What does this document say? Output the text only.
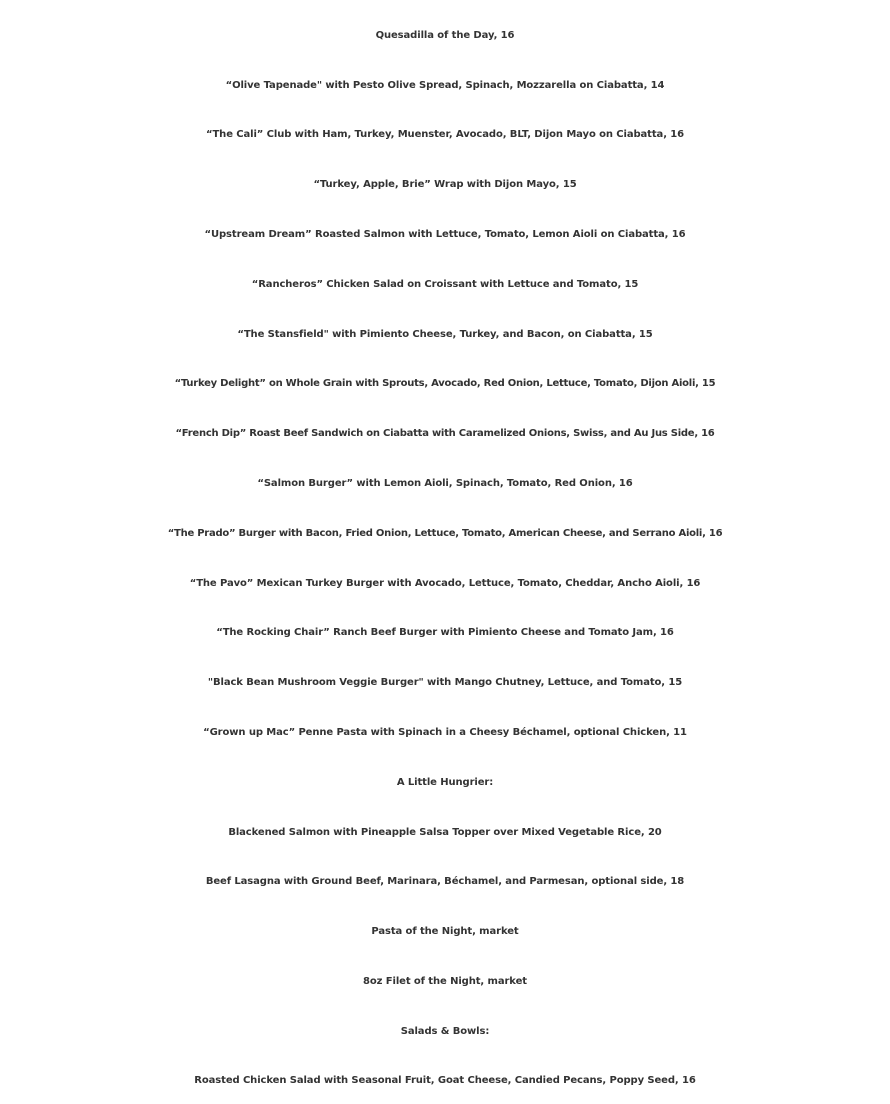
Quesadilla of the Day, 16
“Olive Tapenade" with Pesto Olive Spread, Spinach, Mozzarella on Ciabatta, 14
“The Cali” Club with Ham, Turkey, Muenster, Avocado, BLT, Dijon Mayo on Ciabatta, 16
“Turkey, Apple, Brie” Wrap with Dijon Mayo, 15
“Upstream Dream” Roasted Salmon with Lettuce, Tomato, Lemon Aioli on Ciabatta, 16
“Rancheros” Chicken Salad on Croissant with Lettuce and Tomato, 15
“The Stansfield" with Pimiento Cheese, Turkey, and Bacon, on Ciabatta, 15
“Turkey Delight” on Whole Grain with Sprouts, Avocado, Red Onion, Lettuce, Tomato, Dijon Aioli, 15
“French Dip” Roast Beef Sandwich on Ciabatta with Caramelized Onions, Swiss, and Au Jus Side, 16
“Salmon Burger” with Lemon Aioli, Spinach, Tomato, Red Onion, 16
“The Prado” Burger with Bacon, Fried Onion, Lettuce, Tomato, American Cheese, and Serrano Aioli, 16
“The Pavo” Mexican Turkey Burger with Avocado, Lettuce, Tomato, Cheddar, Ancho Aioli, 16
“The Rocking Chair” Ranch Beef Burger with Pimiento Cheese and Tomato Jam, 16
"Black Bean Mushroom Veggie Burger" with Mango Chutney, Lettuce, and Tomato, 15
“Grown up Mac” Penne Pasta with Spinach in a Cheesy Béchamel, optional Chicken, 11
A Little Hungrier:
Blackened Salmon with Pineapple Salsa Topper over Mixed Vegetable Rice, 20
Beef Lasagna with Ground Beef, Marinara, Béchamel, and Parmesan, optional side, 18
Pasta of the Night, market
8oz Filet of the Night, market
Salads & Bowls:
Roasted Chicken Salad with Seasonal Fruit, Goat Cheese, Candied Pecans, Poppy Seed, 16
